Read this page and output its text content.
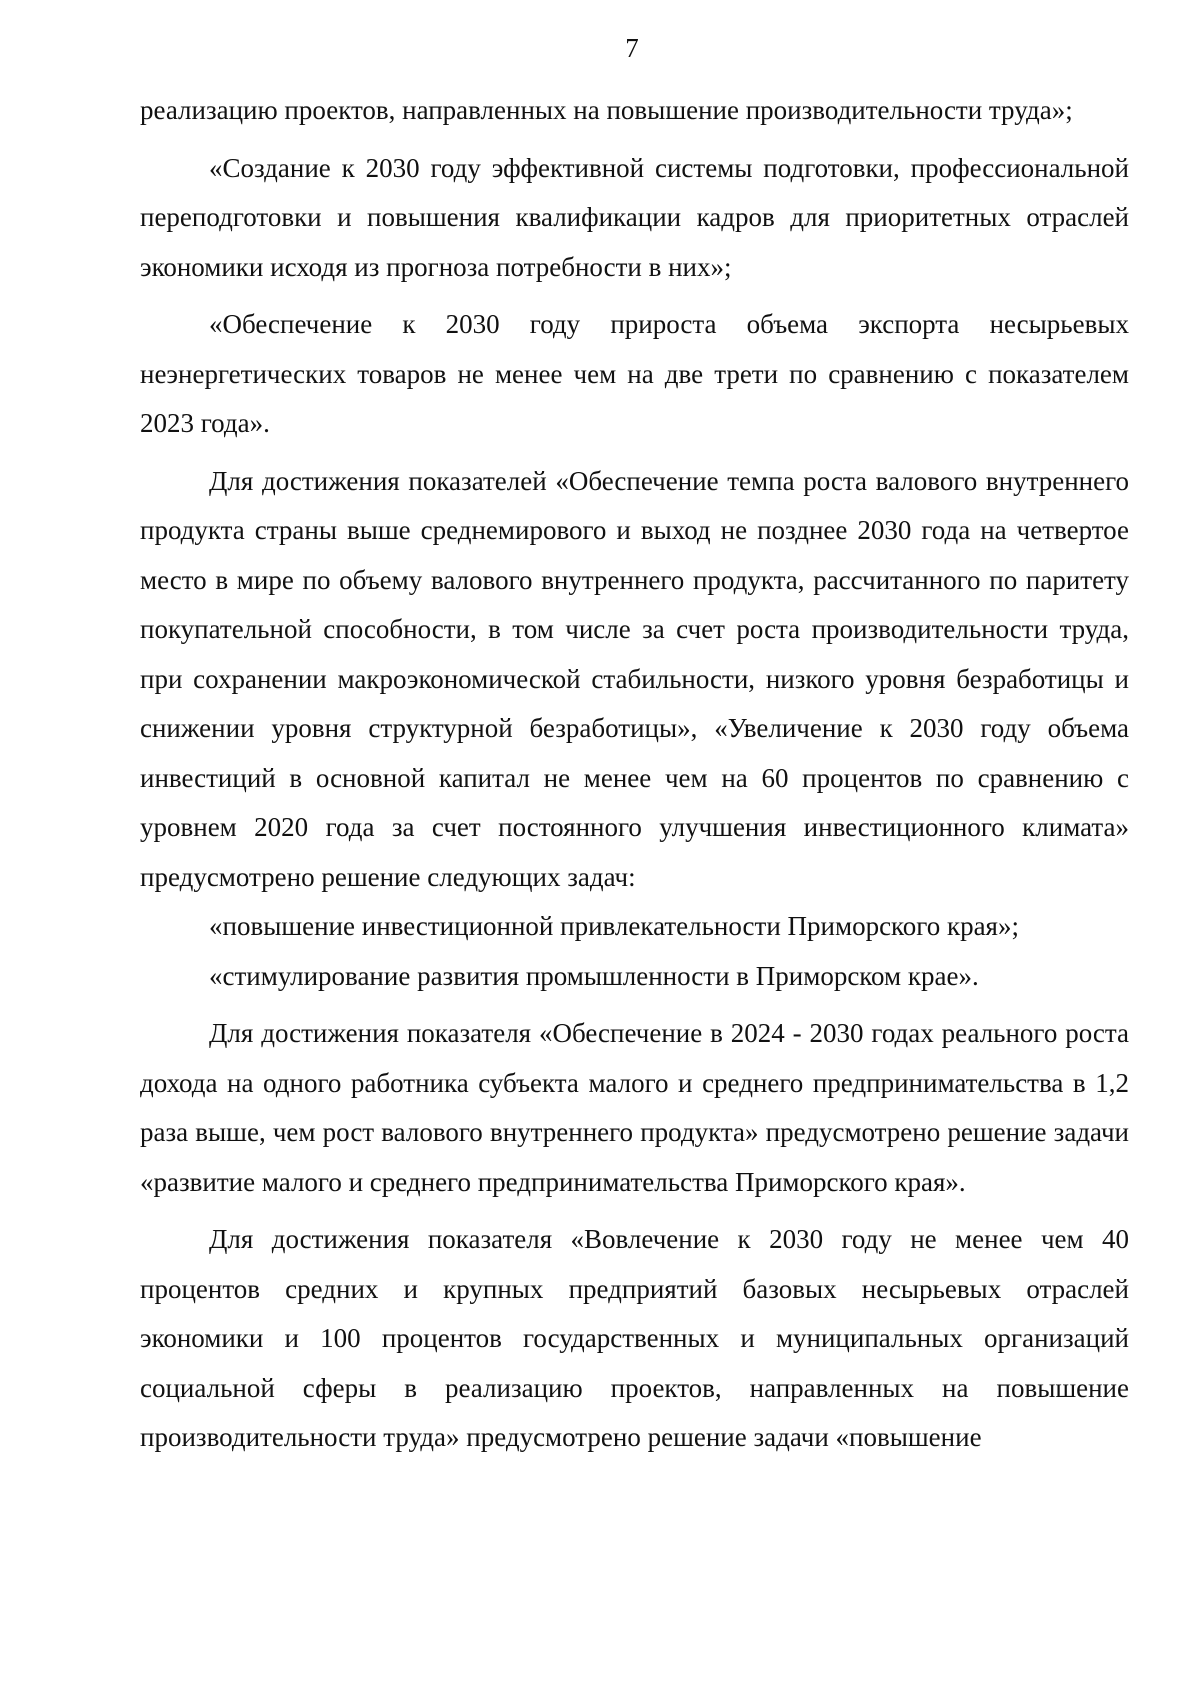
7

реализацию проектов, направленных на повышение производительности труда»;

«Создание к 2030 году эффективной системы подготовки, профессиональной переподготовки и повышения квалификации кадров для приоритетных отраслей экономики исходя из прогноза потребности в них»;

«Обеспечение к 2030 году прироста объема экспорта несырьевых неэнергетических товаров не менее чем на две трети по сравнению с показателем 2023 года».

Для достижения показателей «Обеспечение темпа роста валового внутреннего продукта страны выше среднемирового и выход не позднее 2030 года на четвертое место в мире по объему валового внутреннего продукта, рассчитанного по паритету покупательной способности, в том числе за счет роста производительности труда, при сохранении макроэкономической стабильности, низкого уровня безработицы и снижении уровня структурной безработицы», «Увеличение к 2030 году объема инвестиций в основной капитал не менее чем на 60 процентов по сравнению с уровнем 2020 года за счет постоянного улучшения инвестиционного климата» предусмотрено решение следующих задач:

«повышение инвестиционной привлекательности Приморского края»;

«стимулирование развития промышленности в Приморском крае».

Для достижения показателя «Обеспечение в 2024 - 2030 годах реального роста дохода на одного работника субъекта малого и среднего предпринимательства в 1,2 раза выше, чем рост валового внутреннего продукта» предусмотрено решение задачи «развитие малого и среднего предпринимательства Приморского края».

Для достижения показателя «Вовлечение к 2030 году не менее чем 40 процентов средних и крупных предприятий базовых несырьевых отраслей экономики и 100 процентов государственных и муниципальных организаций социальной сферы в реализацию проектов, направленных на повышение производительности труда» предусмотрено решение задачи «повышение
